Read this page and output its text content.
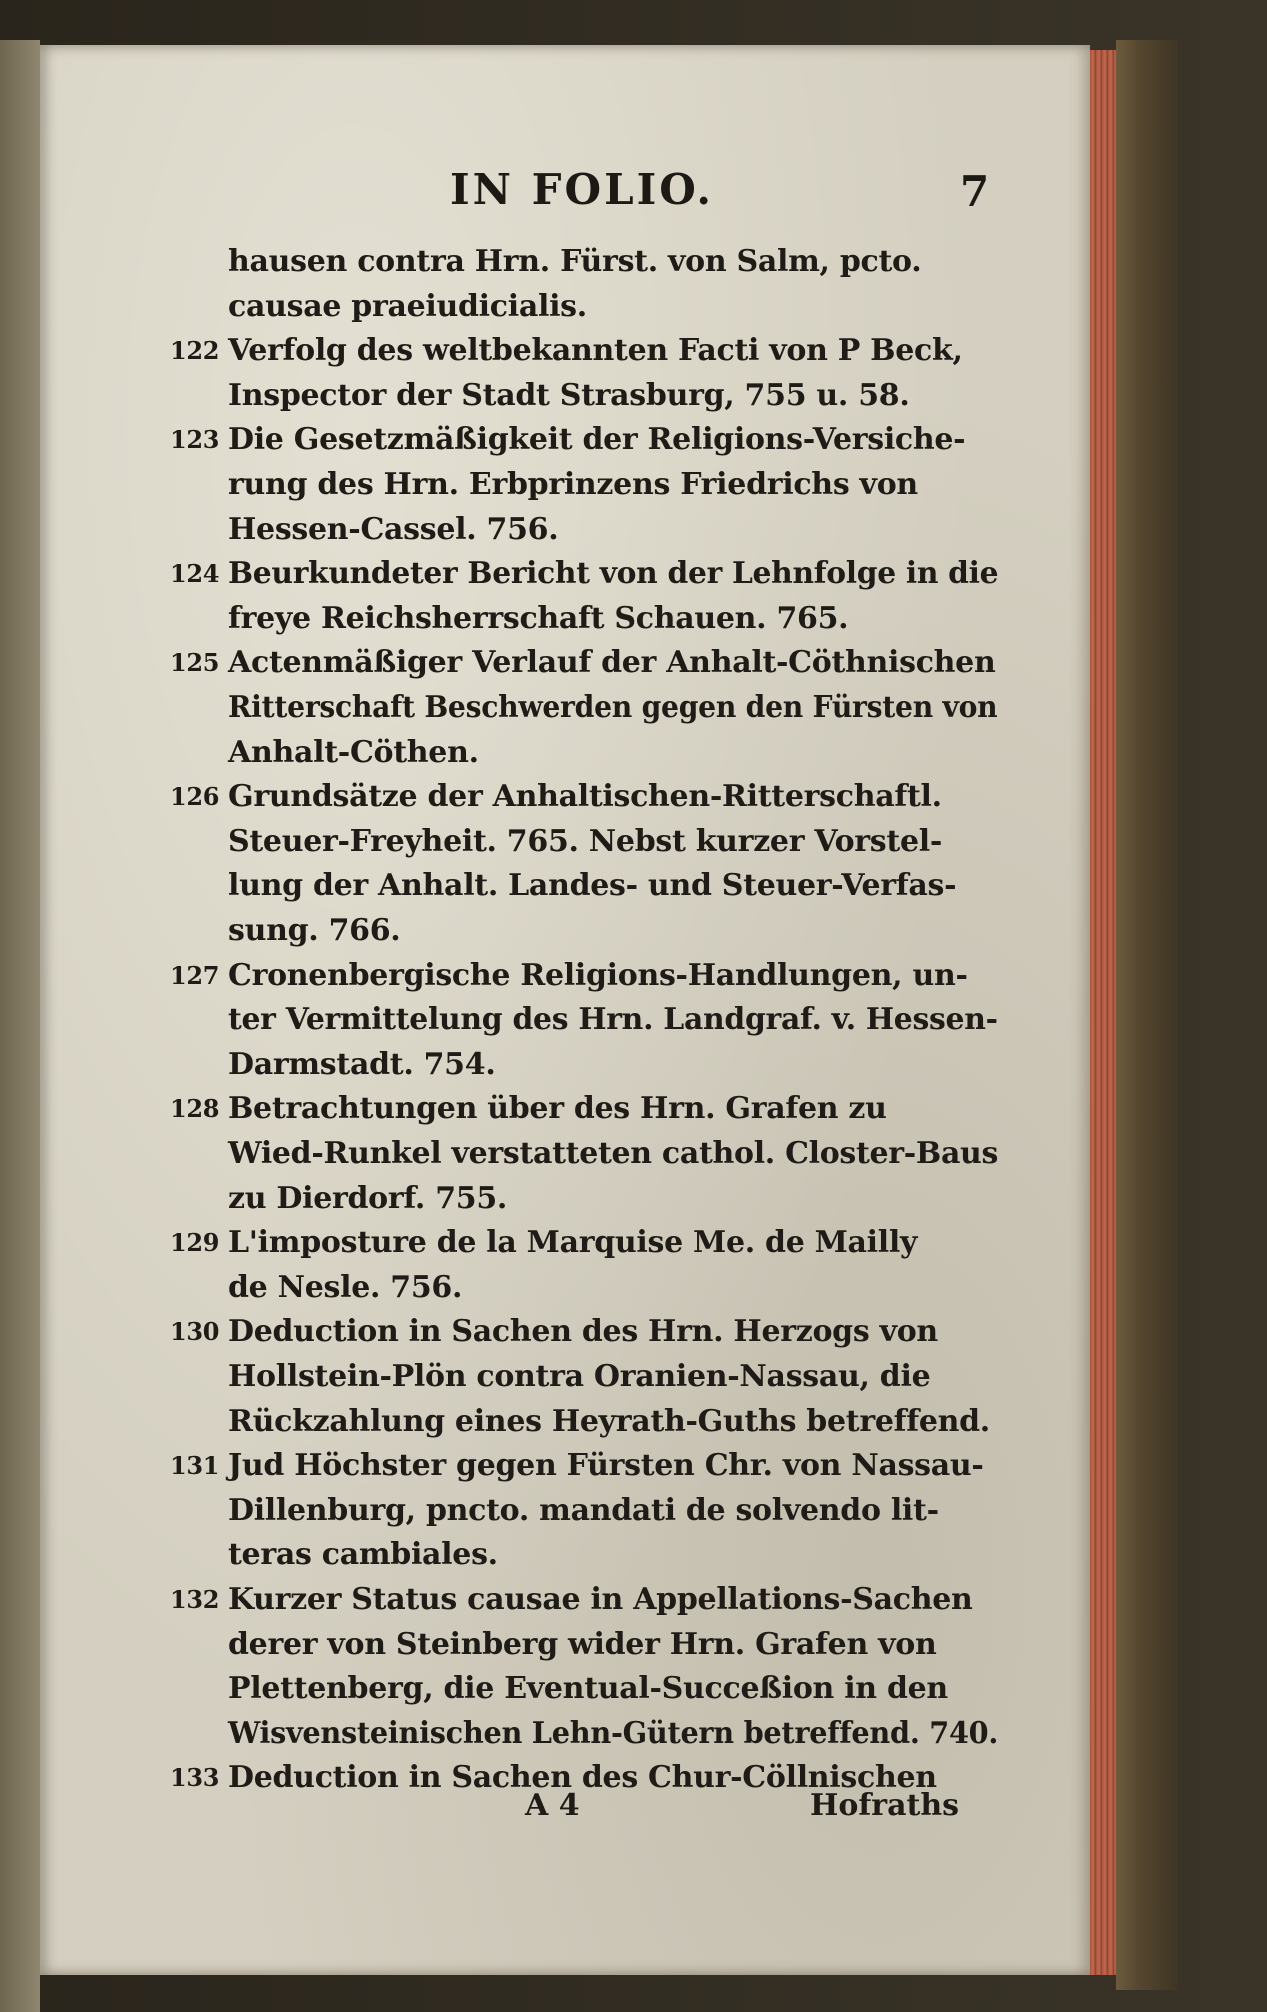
IN FOLIO.	7
hausen contra Hrn. Fürst. von Salm, pcto.
causae praeiudicialis.
122 Verfolg des weltbekannten Facti von P Beck,
Inspector der Stadt Strasburg, 755 u. 58.
123 Die Gesetzmäßigkeit der Religions-Versiche-
rung des Hrn. Erbprinzens Friedrichs von
Hessen-Cassel. 756.
124 Beurkundeter Bericht von der Lehnfolge in die
freye Reichsherrschaft Schauen. 765.
125 Actenmäßiger Verlauf der Anhalt-Cöthnischen
Ritterschaft Beschwerden gegen den Fürsten von
Anhalt-Cöthen.
126 Grundsätze der Anhaltischen-Ritterschaftl.
Steuer-Freyheit. 765. Nebst kurzer Vorstel-
lung der Anhalt. Landes- und Steuer-Verfas-
sung. 766.
127 Cronenbergische Religions-Handlungen, un-
ter Vermittelung des Hrn. Landgraf. v. Hessen-
Darmstadt. 754.
128 Betrachtungen über des Hrn. Grafen zu
Wied-Runkel verstatteten cathol. Closter-Baus
zu Dierdorf. 755.
129 L'imposture de la Marquise Me. de Mailly
de Nesle. 756.
130 Deduction in Sachen des Hrn. Herzogs von
Hollstein-Plön contra Oranien-Nassau, die
Rückzahlung eines Heyrath-Guths betreffend.
131 Jud Höchster gegen Fürsten Chr. von Nassau-
Dillenburg, pncto. mandati de solvendo lit-
teras cambiales.
132 Kurzer Status causae in Appellations-Sachen
derer von Steinberg wider Hrn. Grafen von
Plettenberg, die Eventual-Succeßion in den
Wisvensteinischen Lehn-Gütern betreffend. 740.
133 Deduction in Sachen des Chur-Cöllnischen
A 4	Hofraths
